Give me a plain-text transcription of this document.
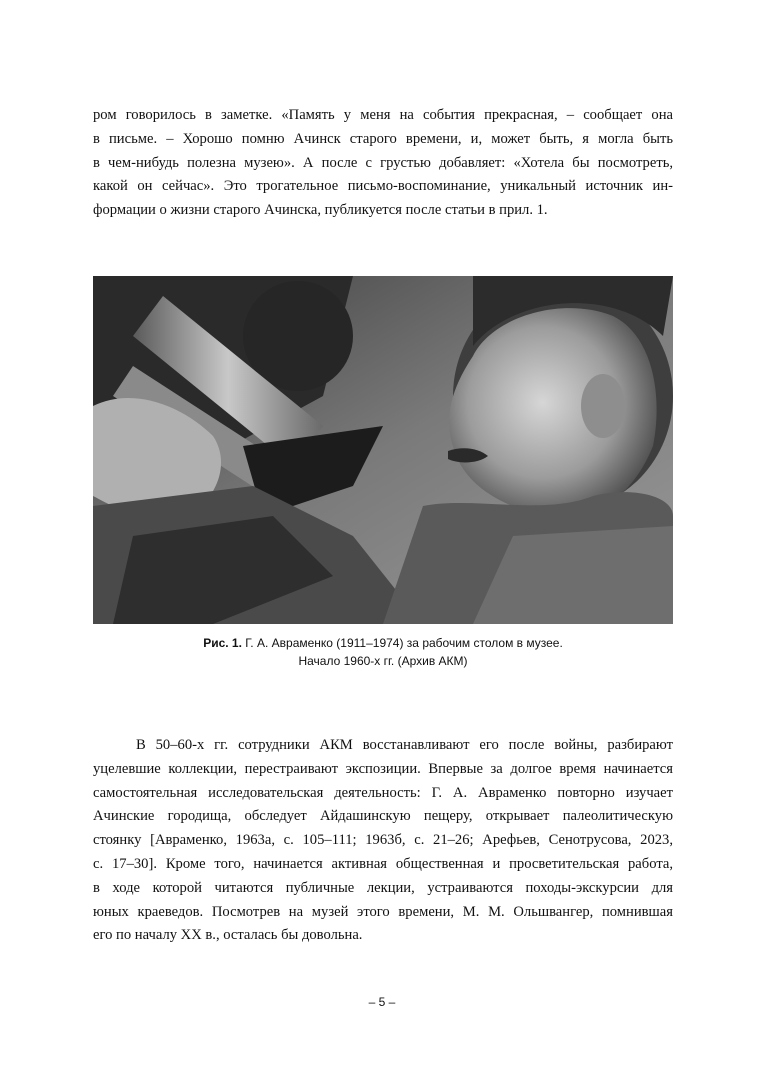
ром говорилось в заметке. «Память у меня на события прекрасная, – сообщает она
в письме. – Хорошо помню Ачинск старого времени, и, может быть, я могла быть
в чем-нибудь полезна музею». А после с грустью добавляет: «Хотела бы посмотреть,
какой он сейчас». Это трогательное письмо-воспоминание, уникальный источник ин-
формации о жизни старого Ачинска, публикуется после статьи в прил. 1.
Рис. 1. Г. А. Авраменко (1911–1974) за рабочим столом в музее.
Начало 1960-х гг. (Архив АКМ)
В 50–60-х гг. сотрудники АКМ восстанавливают его после войны, разбирают
уцелевшие коллекции, перестраивают экспозиции. Впервые за долгое время начинается
самостоятельная исследовательская деятельность: Г. А. Авраменко повторно изучает
Ачинские городища, обследует Айдашинскую пещеру, открывает палеолитическую
стоянку [Авраменко, 1963а, с. 105–111; 1963б, с. 21–26; Арефьев, Сенотрусова, 2023,
с. 17–30]. Кроме того, начинается активная общественная и просветительская работа,
в ходе которой читаются публичные лекции, устраиваются походы-экскурсии для
юных краеведов. Посмотрев на музей этого времени, М. М. Ольшвангер, помнившая
его по началу XX в., осталась бы довольна.
– 5 –
